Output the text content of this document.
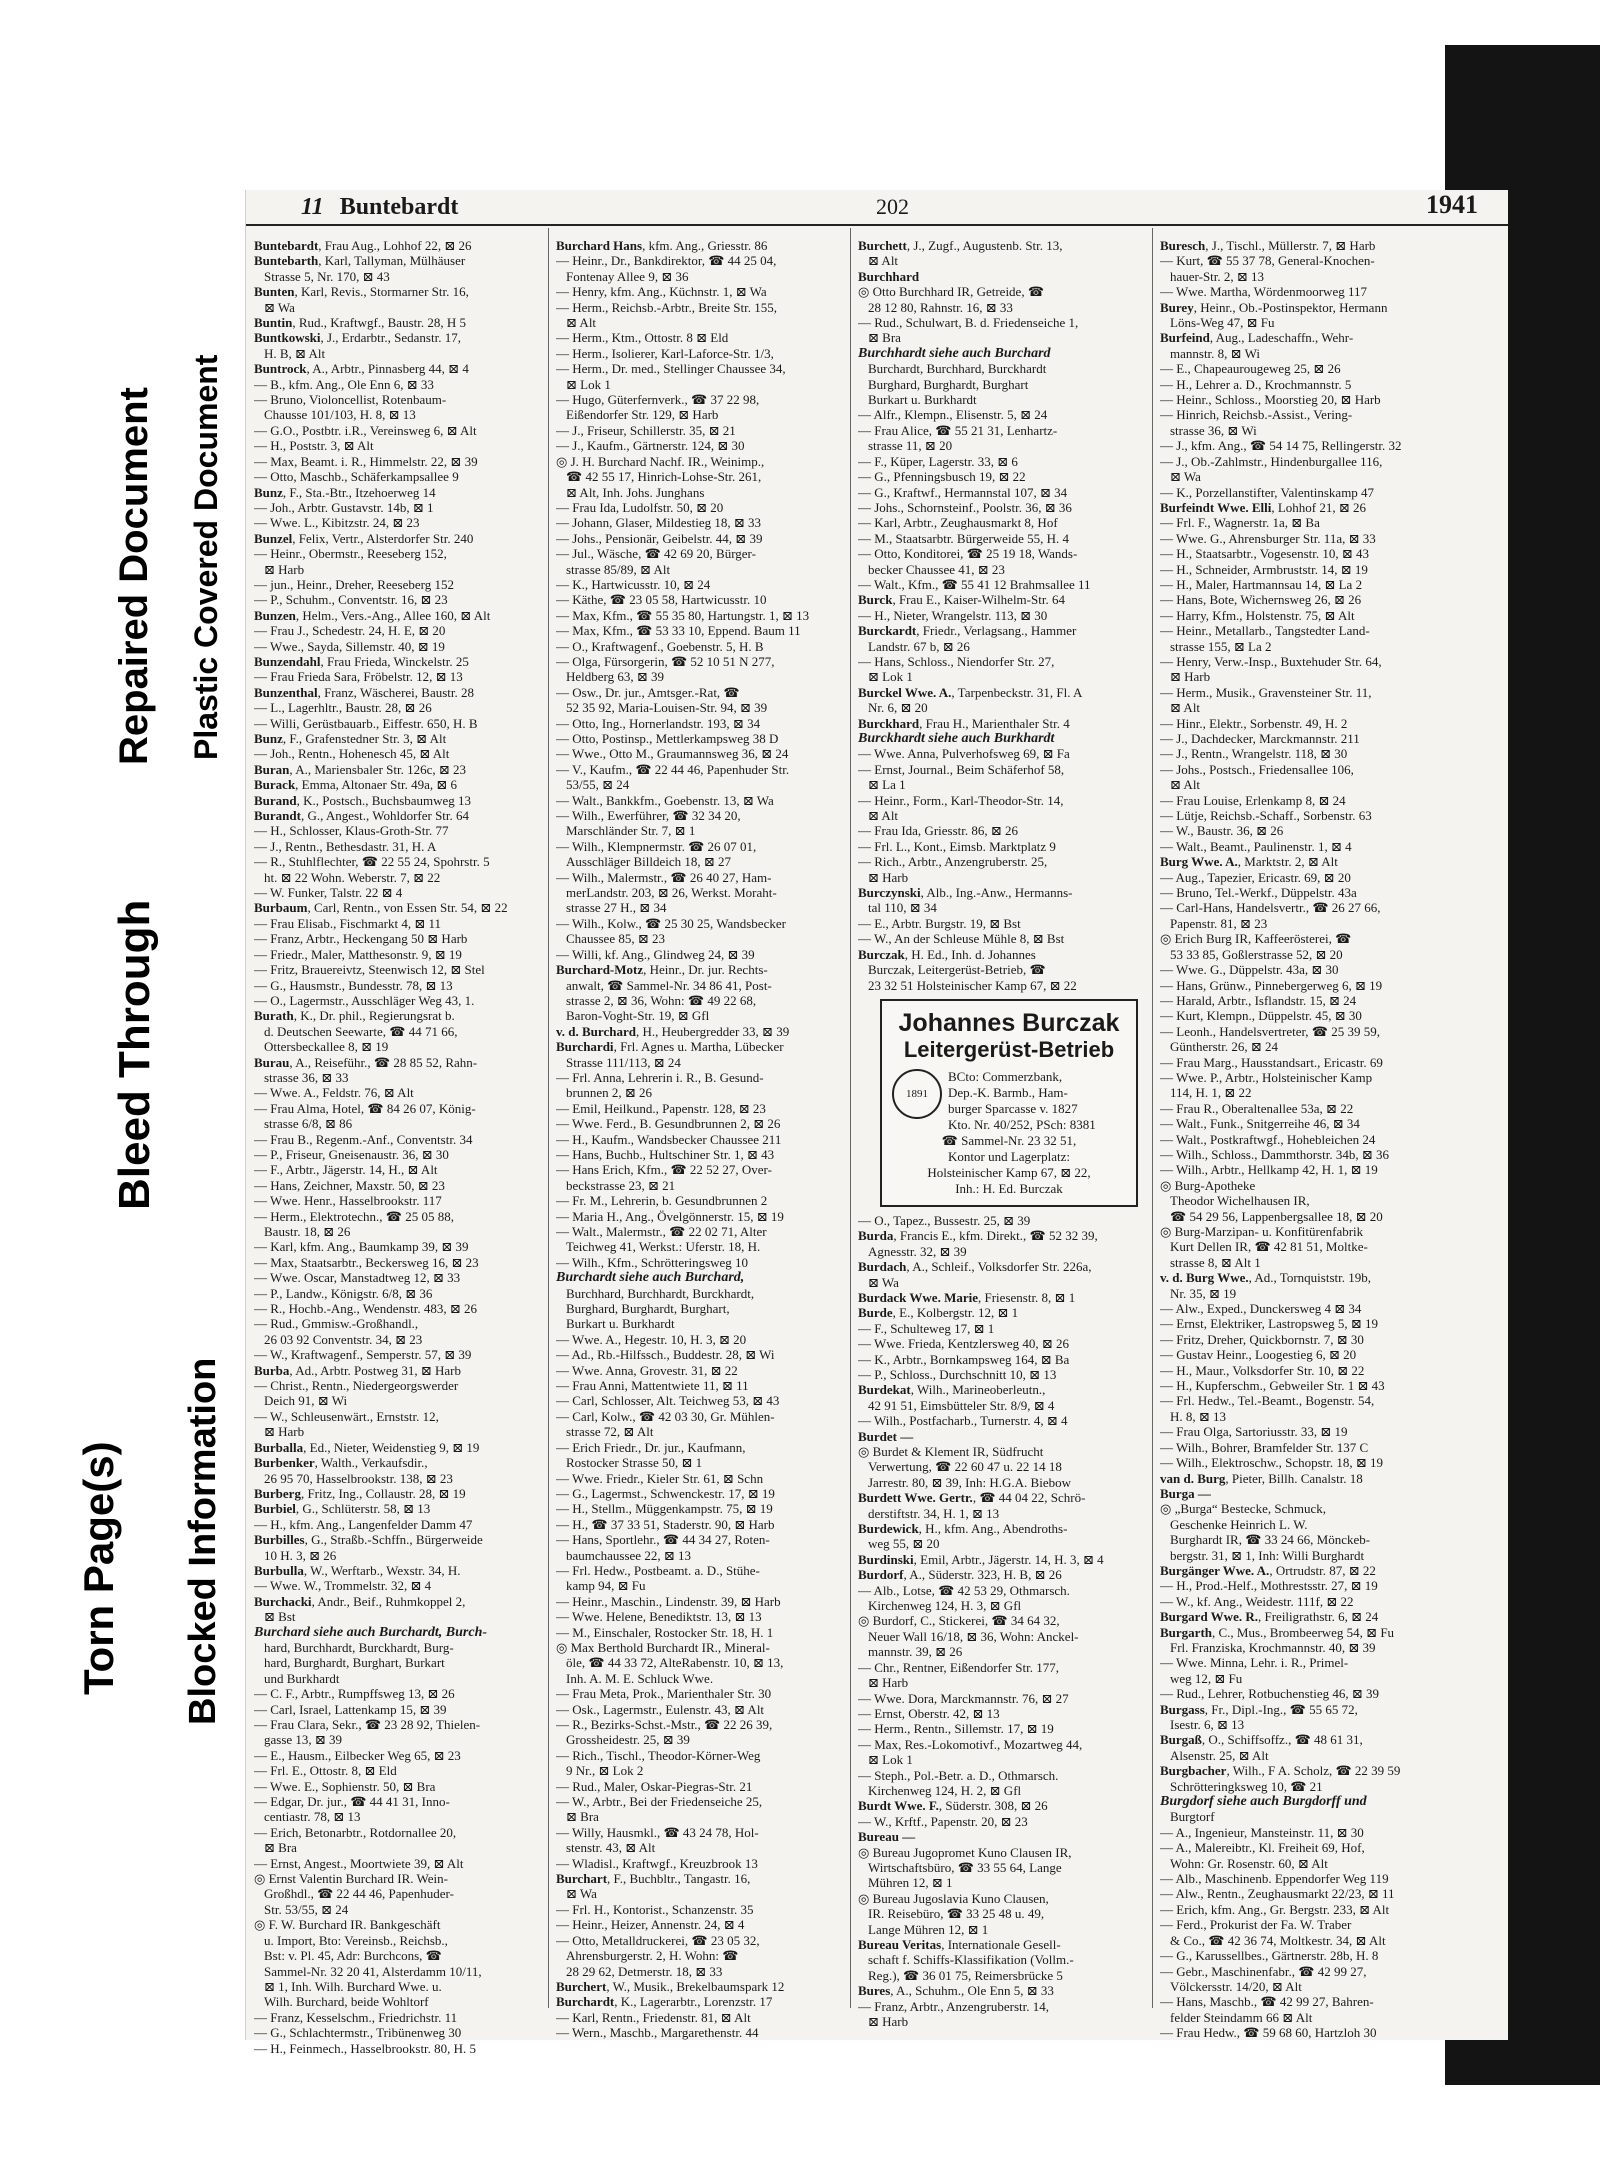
Torn Page(s)
Bleed Through
Repaired Document
Blocked Information
Plastic Covered Document
11 Buntebardt	202	1941
Buntebardt, Frau Aug., Lohhof 22, ⊠ 26
Buntebarth, Karl, Tallyman, Mülhäuser
Strasse 5, Nr. 170, ⊠ 43
Bunten, Karl, Revis., Stormarner Str. 16,
⊠ Wa
Buntin, Rud., Kraftwgf., Baustr. 28, H 5
Buntkowski, J., Erdarbtr., Sedanstr. 17,
H. B, ⊠ Alt
Buntrock, A., Arbtr., Pinnasberg 44, ⊠ 4
— B., kfm. Ang., Ole Enn 6, ⊠ 33
— Bruno, Violoncellist, Rotenbaum-
Chausse 101/103, H. 8, ⊠ 13
— G.O., Postbtr. i.R., Vereinsweg 6, ⊠ Alt
— H., Poststr. 3, ⊠ Alt
— Max, Beamt. i. R., Himmelstr. 22, ⊠ 39
— Otto, Maschb., Schäferkampsallee 9
Bunz, F., Sta.-Btr., Itzehoerweg 14
— Joh., Arbtr. Gustavstr. 14b, ⊠ 1
— Wwe. L., Kibitzstr. 24, ⊠ 23
Bunzel, Felix, Vertr., Alsterdorfer Str. 240
— Heinr., Obermstr., Reeseberg 152,
⊠ Harb
— jun., Heinr., Dreher, Reeseberg 152
— P., Schuhm., Conventstr. 16, ⊠ 23
Bunzen, Helm., Vers.-Ang., Allee 160, ⊠ Alt
— Frau J., Schedestr. 24, H. E, ⊠ 20
— Wwe., Sayda, Sillemstr. 40, ⊠ 19
Bunzendahl, Frau Frieda, Winckelstr. 25
— Frau Frieda Sara, Fröbelstr. 12, ⊠ 13
Bunzenthal, Franz, Wäscherei, Baustr. 28
— L., Lagerhltr., Baustr. 28, ⊠ 26
— Willi, Gerüstbauarb., Eiffestr. 650, H. B
Bunz, F., Grafenstedner Str. 3, ⊠ Alt
— Joh., Rentn., Hohenesch 45, ⊠ Alt
Buran, A., Mariensbaler Str. 126c, ⊠ 23
Burack, Emma, Altonaer Str. 49a, ⊠ 6
Burand, K., Postsch., Buchsbaumweg 13
Burandt, G., Angest., Wohldorfer Str. 64
— H., Schlosser, Klaus-Groth-Str. 77
— J., Rentn., Bethesdastr. 31, H. A
— R., Stuhlflechter, ☎ 22 55 24, Spohrstr. 5
ht. ⊠ 22 Wohn. Weberstr. 7, ⊠ 22
— W. Funker, Talstr. 22 ⊠ 4
Burbaum, Carl, Rentn., von Essen Str. 54, ⊠ 22
— Frau Elisab., Fischmarkt 4, ⊠ 11
— Franz, Arbtr., Heckengang 50 ⊠ Harb
— Friedr., Maler, Matthesonstr. 9, ⊠ 19
— Fritz, Brauereivtz, Steenwisch 12, ⊠ Stel
— G., Hausmstr., Bundesstr. 78, ⊠ 13
— O., Lagermstr., Ausschläger Weg 43, 1.
Burath, K., Dr. phil., Regierungsrat b.
d. Deutschen Seewarte, ☎ 44 71 66,
Ottersbeckallee 8, ⊠ 19
Burau, A., Reiseführ., ☎ 28 85 52, Rahn-
strasse 36, ⊠ 33
— Wwe. A., Feldstr. 76, ⊠ Alt
— Frau Alma, Hotel, ☎ 84 26 07, König-
strasse 6/8, ⊠ 86
— Frau B., Regenm.-Anf., Conventstr. 34
— P., Friseur, Gneisenaustr. 36, ⊠ 30
— F., Arbtr., Jägerstr. 14, H., ⊠ Alt
— Hans, Zeichner, Maxstr. 50, ⊠ 23
— Wwe. Henr., Hasselbrookstr. 117
— Herm., Elektrotechn., ☎ 25 05 88,
Baustr. 18, ⊠ 26
— Karl, kfm. Ang., Baumkamp 39, ⊠ 39
— Max, Staatsarbtr., Beckersweg 16, ⊠ 23
— Wwe. Oscar, Manstadtweg 12, ⊠ 33
— P., Landw., Königstr. 6/8, ⊠ 36
— R., Hochb.-Ang., Wendenstr. 483, ⊠ 26
— Rud., Gmmisw.-Großhandl.,
26 03 92 Conventstr. 34, ⊠ 23
— W., Kraftwagenf., Semperstr. 57, ⊠ 39
Burba, Ad., Arbtr. Postweg 31, ⊠ Harb
— Christ., Rentn., Niedergeorgswerder
Deich 91, ⊠ Wi
— W., Schleusenwärt., Ernststr. 12,
⊠ Harb
Burballa, Ed., Nieter, Weidenstieg 9, ⊠ 19
Burbenker, Walth., Verkaufsdir.,
26 95 70, Hasselbrookstr. 138, ⊠ 23
Burberg, Fritz, Ing., Collaustr. 28, ⊠ 19
Burbiel, G., Schlüterstr. 58, ⊠ 13
— H., kfm. Ang., Langenfelder Damm 47
Burbilles, G., Straßb.-Schffn., Bürgerweide
10 H. 3, ⊠ 26
Burbulla, W., Werftarb., Wexstr. 34, H.
— Wwe. W., Trommelstr. 32, ⊠ 4
Burchacki, Andr., Beif., Ruhmkoppel 2,
⊠ Bst
Burchard siehe auch Burchardt, Burch-
hard, Burchhardt, Burckhardt, Burg-
hard, Burghardt, Burghart, Burkart
und Burkhardt
— C. F., Arbtr., Rumpffsweg 13, ⊠ 26
— Carl, Israel, Lattenkamp 15, ⊠ 39
— Frau Clara, Sekr., ☎ 23 28 92, Thielen-
gasse 13, ⊠ 39
— E., Hausm., Eilbecker Weg 65, ⊠ 23
— Frl. E., Ottostr. 8, ⊠ Eld
— Wwe. E., Sophienstr. 50, ⊠ Bra
— Edgar, Dr. jur., ☎ 44 41 31, Inno-
centiastr. 78, ⊠ 13
— Erich, Betonarbtr., Rotdornallee 20,
⊠ Bra
— Ernst, Angest., Moortwiete 39, ⊠ Alt
◎ Ernst Valentin Burchard IR. Wein-
Großhdl., ☎ 22 44 46, Papenhuder-
Str. 53/55, ⊠ 24
◎ F. W. Burchard IR. Bankgeschäft
u. Import, Bto: Vereinsb., Reichsb.,
Bst: v. Pl. 45, Adr: Burchcons, ☎
Sammel-Nr. 32 20 41, Alsterdamm 10/11,
⊠ 1, Inh. Wilh. Burchard Wwe. u.
Wilh. Burchard, beide Wohltorf
— Franz, Kesselschm., Friedrichstr. 11
— G., Schlachtermstr., Tribünenweg 30
— H., Feinmech., Hasselbrookstr. 80, H. 5
Burchard Hans, kfm. Ang., Griesstr. 86
— Heinr., Dr., Bankdirektor, ☎ 44 25 04,
Fontenay Allee 9, ⊠ 36
— Henry, kfm. Ang., Küchnstr. 1, ⊠ Wa
— Herm., Reichsb.-Arbtr., Breite Str. 155,
⊠ Alt
— Herm., Ktm., Ottostr. 8 ⊠ Eld
— Herm., Isolierer, Karl-Laforce-Str. 1/3,
— Herm., Dr. med., Stellinger Chaussee 34,
⊠ Lok 1
— Hugo, Güterfernverk., ☎ 37 22 98,
Eißendorfer Str. 129, ⊠ Harb
— J., Friseur, Schillerstr. 35, ⊠ 21
— J., Kaufm., Gärtnerstr. 124, ⊠ 30
◎ J. H. Burchard Nachf. IR., Weinimp.,
☎ 42 55 17, Hinrich-Lohse-Str. 261,
⊠ Alt, Inh. Johs. Junghans
— Frau Ida, Ludolfstr. 50, ⊠ 20
— Johann, Glaser, Mildestieg 18, ⊠ 33
— Johs., Pensionär, Geibelstr. 44, ⊠ 39
— Jul., Wäsche, ☎ 42 69 20, Bürger-
strasse 85/89, ⊠ Alt
— K., Hartwicusstr. 10, ⊠ 24
— Käthe, ☎ 23 05 58, Hartwicusstr. 10
— Max, Kfm., ☎ 55 35 80, Hartungstr. 1, ⊠ 13
— Max, Kfm., ☎ 53 33 10, Eppend. Baum 11
— O., Kraftwagenf., Goebenstr. 5, H. B
— Olga, Fürsorgerin, ☎ 52 10 51 N 277,
Heldberg 63, ⊠ 39
— Osw., Dr. jur., Amtsger.-Rat, ☎
52 35 92, Maria-Louisen-Str. 94, ⊠ 39
— Otto, Ing., Hornerlandstr. 193, ⊠ 34
— Otto, Postinsp., Mettlerkampsweg 38 D
— Wwe., Otto M., Graumannsweg 36, ⊠ 24
— V., Kaufm., ☎ 22 44 46, Papenhuder Str.
53/55, ⊠ 24
— Walt., Bankkfm., Goebenstr. 13, ⊠ Wa
— Wilh., Ewerführer, ☎ 32 34 20,
Marschländer Str. 7, ⊠ 1
— Wilh., Klempnermstr. ☎ 26 07 01,
Ausschläger Billdeich 18, ⊠ 27
— Wilh., Malermstr., ☎ 26 40 27, Ham-
merLandstr. 203, ⊠ 26, Werkst. Moraht-
strasse 27 H., ⊠ 34
— Wilh., Kolw., ☎ 25 30 25, Wandsbecker
Chaussee 85, ⊠ 23
— Willi, kf. Ang., Glindweg 24, ⊠ 39
Burchard-Motz, Heinr., Dr. jur. Rechts-
anwalt, ☎ Sammel-Nr. 34 86 41, Post-
strasse 2, ⊠ 36, Wohn: ☎ 49 22 68,
Baron-Voght-Str. 19, ⊠ Gfl
v. d. Burchard, H., Heubergredder 33, ⊠ 39
Burchardi, Frl. Agnes u. Martha, Lübecker
Strasse 111/113, ⊠ 24
— Frl. Anna, Lehrerin i. R., B. Gesund-
brunnen 2, ⊠ 26
— Emil, Heilkund., Papenstr. 128, ⊠ 23
— Wwe. Ferd., B. Gesundbrunnen 2, ⊠ 26
— H., Kaufm., Wandsbecker Chaussee 211
— Hans, Buchb., Hultschiner Str. 1, ⊠ 43
— Hans Erich, Kfm., ☎ 22 52 27, Over-
beckstrasse 23, ⊠ 21
— Fr. M., Lehrerin, b. Gesundbrunnen 2
— Maria H., Ang., Övelgönnerstr. 15, ⊠ 19
— Walt., Malermstr., ☎ 22 02 71, Alter
Teichweg 41, Werkst.: Uferstr. 18, H.
— Wilh., Kfm., Schrötteringsweg 10
Burchardt siehe auch Burchard,
Burchhard, Burchhardt, Burckhardt,
Burghard, Burghardt, Burghart,
Burkart u. Burkhardt
— Wwe. A., Hegestr. 10, H. 3, ⊠ 20
— Ad., Rb.-Hilfssch., Buddestr. 28, ⊠ Wi
— Wwe. Anna, Grovestr. 31, ⊠ 22
— Frau Anni, Mattentwiete 11, ⊠ 11
— Carl, Schlosser, Alt. Teichweg 53, ⊠ 43
— Carl, Kolw., ☎ 42 03 30, Gr. Mühlen-
strasse 72, ⊠ Alt
— Erich Friedr., Dr. jur., Kaufmann,
Rostocker Strasse 50, ⊠ 1
— Wwe. Friedr., Kieler Str. 61, ⊠ Schn
— G., Lagermst., Schwenckestr. 17, ⊠ 19
— H., Stellm., Müggenkampstr. 75, ⊠ 19
— H., ☎ 37 33 51, Staderstr. 90, ⊠ Harb
— Hans, Sportlehr., ☎ 44 34 27, Roten-
baumchaussee 22, ⊠ 13
— Frl. Hedw., Postbeamt. a. D., Stühe-
kamp 94, ⊠ Fu
— Heinr., Maschin., Lindenstr. 39, ⊠ Harb
— Wwe. Helene, Benediktstr. 13, ⊠ 13
— M., Einschaler, Rostocker Str. 18, H. 1
◎ Max Berthold Burchardt IR., Mineral-
öle, ☎ 44 33 72, AlteRabenstr. 10, ⊠ 13,
Inh. A. M. E. Schluck Wwe.
— Frau Meta, Prok., Marienthaler Str. 30
— Osk., Lagermstr., Eulenstr. 43, ⊠ Alt
— R., Bezirks-Schst.-Mstr., ☎ 22 26 39,
Grossheidestr. 25, ⊠ 39
— Rich., Tischl., Theodor-Körner-Weg
9 Nr., ⊠ Lok 2
— Rud., Maler, Oskar-Piegras-Str. 21
— W., Arbtr., Bei der Friedenseiche 25,
⊠ Bra
— Willy, Hausmkl., ☎ 43 24 78, Hol-
stenstr. 43, ⊠ Alt
— Wladisl., Kraftwgf., Kreuzbrook 13
Burchart, F., Buchbltr., Tangastr. 16,
⊠ Wa
— Frl. H., Kontorist., Schanzenstr. 35
— Heinr., Heizer, Annenstr. 24, ⊠ 4
— Otto, Metalldruckerei, ☎ 23 05 32,
Ahrensburgerstr. 2, H. Wohn: ☎
28 29 62, Detmerstr. 18, ⊠ 33
Burchert, W., Musik., Brekelbaumspark 12
Burchardt, K., Lagerarbtr., Lorenzstr. 17
— Karl, Rentn., Friedenstr. 81, ⊠ Alt
— Wern., Maschb., Margarethenstr. 44
Burchett, J., Zugf., Augustenb. Str. 13,
⊠ Alt
Burchhard
◎ Otto Burchhard IR, Getreide, ☎
28 12 80, Rahnstr. 16, ⊠ 33
— Rud., Schulwart, B. d. Friedenseiche 1,
⊠ Bra
Burchhardt siehe auch Burchard
Burchardt, Burchhard, Burckhardt
Burghard, Burghardt, Burghart
Burkart u. Burkhardt
— Alfr., Klempn., Elisenstr. 5, ⊠ 24
— Frau Alice, ☎ 55 21 31, Lenhartz-
strasse 11, ⊠ 20
— F., Küper, Lagerstr. 33, ⊠ 6
— G., Pfenningsbusch 19, ⊠ 22
— G., Kraftwf., Hermannstal 107, ⊠ 34
— Johs., Schornsteinf., Poolstr. 36, ⊠ 36
— Karl, Arbtr., Zeughausmarkt 8, Hof
— M., Staatsarbtr. Bürgerweide 55, H. 4
— Otto, Konditorei, ☎ 25 19 18, Wands-
becker Chaussee 41, ⊠ 23
— Walt., Kfm., ☎ 55 41 12 Brahmsallee 11
Burck, Frau E., Kaiser-Wilhelm-Str. 64
— H., Nieter, Wrangelstr. 113, ⊠ 30
Burckardt, Friedr., Verlagsang., Hammer
Landstr. 67 b, ⊠ 26
— Hans, Schloss., Niendorfer Str. 27,
⊠ Lok 1
Burckel Wwe. A., Tarpenbeckstr. 31, Fl. A
Nr. 6, ⊠ 20
Burckhard, Frau H., Marienthaler Str. 4
Burckhardt siehe auch Burkhardt
— Wwe. Anna, Pulverhofsweg 69, ⊠ Fa
— Ernst, Journal., Beim Schäferhof 58,
⊠ La 1
— Heinr., Form., Karl-Theodor-Str. 14,
⊠ Alt
— Frau Ida, Griesstr. 86, ⊠ 26
— Frl. L., Kont., Eimsb. Marktplatz 9
— Rich., Arbtr., Anzengruberstr. 25,
⊠ Harb
Burczynski, Alb., Ing.-Anw., Hermanns-
tal 110, ⊠ 34
— E., Arbtr. Burgstr. 19, ⊠ Bst
— W., An der Schleuse Mühle 8, ⊠ Bst
Burczak, H. Ed., Inh. d. Johannes
Burczak, Leitergerüst-Betrieb, ☎
23 32 51 Holsteinischer Kamp 67, ⊠ 22
Johannes Burczak
Leitergerüst-Betrieb
1891
BCto: Commerzbank,
Dep.-K. Barmb., Ham-
burger Sparcasse v. 1827
Kto. Nr. 40/252, PSch: 8381
☎ Sammel-Nr. 23 32 51,
Kontor und Lagerplatz:
Holsteinischer Kamp 67, ⊠ 22,
Inh.: H. Ed. Burczak
— O., Tapez., Bussestr. 25, ⊠ 39
Burda, Francis E., kfm. Direkt., ☎ 52 32 39,
Agnesstr. 32, ⊠ 39
Burdach, A., Schleif., Volksdorfer Str. 226a,
⊠ Wa
Burdack Wwe. Marie, Friesenstr. 8, ⊠ 1
Burde, E., Kolbergstr. 12, ⊠ 1
— F., Schulteweg 17, ⊠ 1
— Wwe. Frieda, Kentzlersweg 40, ⊠ 26
— K., Arbtr., Bornkampsweg 164, ⊠ Ba
— P., Schloss., Durchschnitt 10, ⊠ 13
Burdekat, Wilh., Marineoberleutn.,
42 91 51, Eimsbütteler Str. 8/9, ⊠ 4
— Wilh., Postfacharb., Turnerstr. 4, ⊠ 4
Burdet —
◎ Burdet & Klement IR, Südfrucht
Verwertung, ☎ 22 60 47 u. 22 14 18
Jarrestr. 80, ⊠ 39, Inh: H.G.A. Biebow
Burdett Wwe. Gertr., ☎ 44 04 22, Schrö-
derstiftstr. 34, H. 1, ⊠ 13
Burdewick, H., kfm. Ang., Abendroths-
weg 55, ⊠ 20
Burdinski, Emil, Arbtr., Jägerstr. 14, H. 3, ⊠ 4
Burdorf, A., Süderstr. 323, H. B, ⊠ 26
— Alb., Lotse, ☎ 42 53 29, Othmarsch.
Kirchenweg 124, H. 3, ⊠ Gfl
◎ Burdorf, C., Stickerei, ☎ 34 64 32,
Neuer Wall 16/18, ⊠ 36, Wohn: Anckel-
mannstr. 39, ⊠ 26
— Chr., Rentner, Eißendorfer Str. 177,
⊠ Harb
— Wwe. Dora, Marckmannstr. 76, ⊠ 27
— Ernst, Oberstr. 42, ⊠ 13
— Herm., Rentn., Sillemstr. 17, ⊠ 19
— Max, Res.-Lokomotivf., Mozartweg 44,
⊠ Lok 1
— Steph., Pol.-Betr. a. D., Othmarsch.
Kirchenweg 124, H. 2, ⊠ Gfl
Burdt Wwe. F., Süderstr. 308, ⊠ 26
— W., Krftf., Papenstr. 20, ⊠ 23
Bureau —
◎ Bureau Jugopromet Kuno Clausen IR,
Wirtschaftsbüro, ☎ 33 55 64, Lange
Mühren 12, ⊠ 1
◎ Bureau Jugoslavia Kuno Clausen,
IR. Reisebüro, ☎ 33 25 48 u. 49,
Lange Mühren 12, ⊠ 1
Bureau Veritas, Internationale Gesell-
schaft f. Schiffs-Klassifikation (Vollm.-
Reg.), ☎ 36 01 75, Reimersbrücke 5
Bures, A., Schuhm., Ole Enn 5, ⊠ 33
— Franz, Arbtr., Anzengruberstr. 14,
⊠ Harb
Buresch, J., Tischl., Müllerstr. 7, ⊠ Harb
— Kurt, ☎ 55 37 78, General-Knochen-
hauer-Str. 2, ⊠ 13
— Wwe. Martha, Wördenmoorweg 117
Burey, Heinr., Ob.-Postinspektor, Hermann
Löns-Weg 47, ⊠ Fu
Burfeind, Aug., Ladeschaffn., Wehr-
mannstr. 8, ⊠ Wi
— E., Chapeaurougeweg 25, ⊠ 26
— H., Lehrer a. D., Krochmannstr. 5
— Heinr., Schloss., Moorstieg 20, ⊠ Harb
— Hinrich, Reichsb.-Assist., Vering-
strasse 36, ⊠ Wi
— J., kfm. Ang., ☎ 54 14 75, Rellingerstr. 32
— J., Ob.-Zahlmstr., Hindenburgallee 116,
⊠ Wa
— K., Porzellanstifter, Valentinskamp 47
Burfeindt Wwe. Elli, Lohhof 21, ⊠ 26
— Frl. F., Wagnerstr. 1a, ⊠ Ba
— Wwe. G., Ahrensburger Str. 11a, ⊠ 33
— H., Staatsarbtr., Vogesenstr. 10, ⊠ 43
— H., Schneider, Armbruststr. 14, ⊠ 19
— H., Maler, Hartmannsau 14, ⊠ La 2
— Hans, Bote, Wichernsweg 26, ⊠ 26
— Harry, Kfm., Holstenstr. 75, ⊠ Alt
— Heinr., Metallarb., Tangstedter Land-
strasse 155, ⊠ La 2
— Henry, Verw.-Insp., Buxtehuder Str. 64,
⊠ Harb
— Herm., Musik., Gravensteiner Str. 11,
⊠ Alt
— Hinr., Elektr., Sorbenstr. 49, H. 2
— J., Dachdecker, Marckmannstr. 211
— J., Rentn., Wrangelstr. 118, ⊠ 30
— Johs., Postsch., Friedensallee 106,
⊠ Alt
— Frau Louise, Erlenkamp 8, ⊠ 24
— Lütje, Reichsb.-Schaff., Sorbenstr. 63
— W., Baustr. 36, ⊠ 26
— Walt., Beamt., Paulinenstr. 1, ⊠ 4
Burg Wwe. A., Marktstr. 2, ⊠ Alt
— Aug., Tapezier, Ericastr. 69, ⊠ 20
— Bruno, Tel.-Werkf., Düppelstr. 43a
— Carl-Hans, Handelsvertr., ☎ 26 27 66,
Papenstr. 81, ⊠ 23
◎ Erich Burg IR, Kaffeerösterei, ☎
53 33 85, Goßlerstrasse 52, ⊠ 20
— Wwe. G., Düppelstr. 43a, ⊠ 30
— Hans, Grünw., Pinnebergerweg 6, ⊠ 19
— Harald, Arbtr., Isflandstr. 15, ⊠ 24
— Kurt, Klempn., Düppelstr. 45, ⊠ 30
— Leonh., Handelsvertreter, ☎ 25 39 59,
Güntherstr. 26, ⊠ 24
— Frau Marg., Hausstandsart., Ericastr. 69
— Wwe. P., Arbtr., Holsteinischer Kamp
114, H. 1, ⊠ 22
— Frau R., Oberaltenallee 53a, ⊠ 22
— Walt., Funk., Snitgerreihe 46, ⊠ 34
— Walt., Postkraftwgf., Hohebleichen 24
— Wilh., Schloss., Dammthorstr. 34b, ⊠ 36
— Wilh., Arbtr., Hellkamp 42, H. 1, ⊠ 19
◎ Burg-Apotheke
Theodor Wichelhausen IR,
☎ 54 29 56, Lappenbergsallee 18, ⊠ 20
◎ Burg-Marzipan- u. Konfitürenfabrik
Kurt Dellen IR, ☎ 42 81 51, Moltke-
strasse 8, ⊠ Alt 1
v. d. Burg Wwe., Ad., Tornquiststr. 19b,
Nr. 35, ⊠ 19
— Alw., Exped., Dunckersweg 4 ⊠ 34
— Ernst, Elektriker, Lastropsweg 5, ⊠ 19
— Fritz, Dreher, Quickbornstr. 7, ⊠ 30
— Gustav Heinr., Loogestieg 6, ⊠ 20
— H., Maur., Volksdorfer Str. 10, ⊠ 22
— H., Kupferschm., Gebweiler Str. 1 ⊠ 43
— Frl. Hedw., Tel.-Beamt., Bogenstr. 54,
H. 8, ⊠ 13
— Frau Olga, Sartoriusstr. 33, ⊠ 19
— Wilh., Bohrer, Bramfelder Str. 137 C
— Wilh., Elektroschw., Schopstr. 18, ⊠ 19
van d. Burg, Pieter, Billh. Canalstr. 18
Burga —
◎ „Burga“ Bestecke, Schmuck,
Geschenke Heinrich L. W.
Burghardt IR, ☎ 33 24 66, Mönckeb-
bergstr. 31, ⊠ 1, Inh: Willi Burghardt
Burgänger Wwe. A., Ortrudstr. 87, ⊠ 22
— H., Prod.-Helf., Mothrestsstr. 27, ⊠ 19
— W., kf. Ang., Weidestr. 111f, ⊠ 22
Burgard Wwe. R., Freiligrathstr. 6, ⊠ 24
Burgarth, C., Mus., Brombeerweg 54, ⊠ Fu
Frl. Franziska, Krochmannstr. 40, ⊠ 39
— Wwe. Minna, Lehr. i. R., Primel-
weg 12, ⊠ Fu
— Rud., Lehrer, Rotbuchenstieg 46, ⊠ 39
Burgass, Fr., Dipl.-Ing., ☎ 55 65 72,
Isestr. 6, ⊠ 13
Burgaß, O., Schiffsoffz., ☎ 48 61 31,
Alsenstr. 25, ⊠ Alt
Burgbacher, Wilh., F A. Scholz, ☎ 22 39 59
Schrötteringksweg 10, ☎ 21
Burgdorf siehe auch Burgdorff und
Burgtorf
— A., Ingenieur, Mansteinstr. 11, ⊠ 30
— A., Malereibtr., Kl. Freiheit 69, Hof,
Wohn: Gr. Rosenstr. 60, ⊠ Alt
— Alb., Maschinenb. Eppendorfer Weg 119
— Alw., Rentn., Zeughausmarkt 22/23, ⊠ 11
— Erich, kfm. Ang., Gr. Bergstr. 233, ⊠ Alt
— Ferd., Prokurist der Fa. W. Traber
& Co., ☎ 42 36 74, Moltkestr. 34, ⊠ Alt
— G., Karussellbes., Gärtnerstr. 28b, H. 8
— Gebr., Maschinenfabr., ☎ 42 99 27,
Völckersstr. 14/20, ⊠ Alt
— Hans, Maschb., ☎ 42 99 27, Bahren-
felder Steindamm 66 ⊠ Alt
— Frau Hedw., ☎ 59 68 60, Hartzloh 30
